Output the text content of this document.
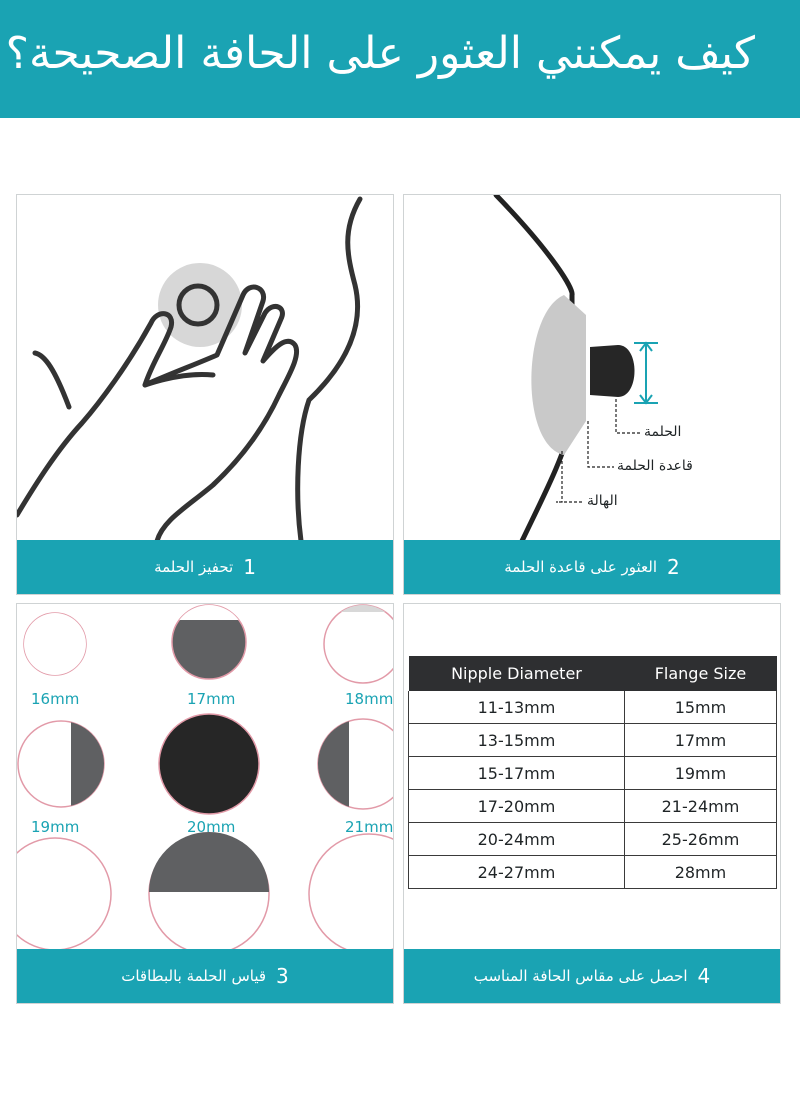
كيف يمكنني العثور على الحافة الصحيحة؟
1
تحفيز الحلمة
الحلمة
قاعدة الحلمة
الهالة
2
العثور على قاعدة الحلمة
16mm	17mm	18mm
19mm	20mm	21mm
3
قياس الحلمة بالبطاقات
Nipple Diameter	Flange Size
11-13mm	15mm
13-15mm	17mm
15-17mm	19mm
17-20mm	21-24mm
20-24mm	25-26mm
24-27mm	28mm
4
احصل على مقاس الحافة المناسب
